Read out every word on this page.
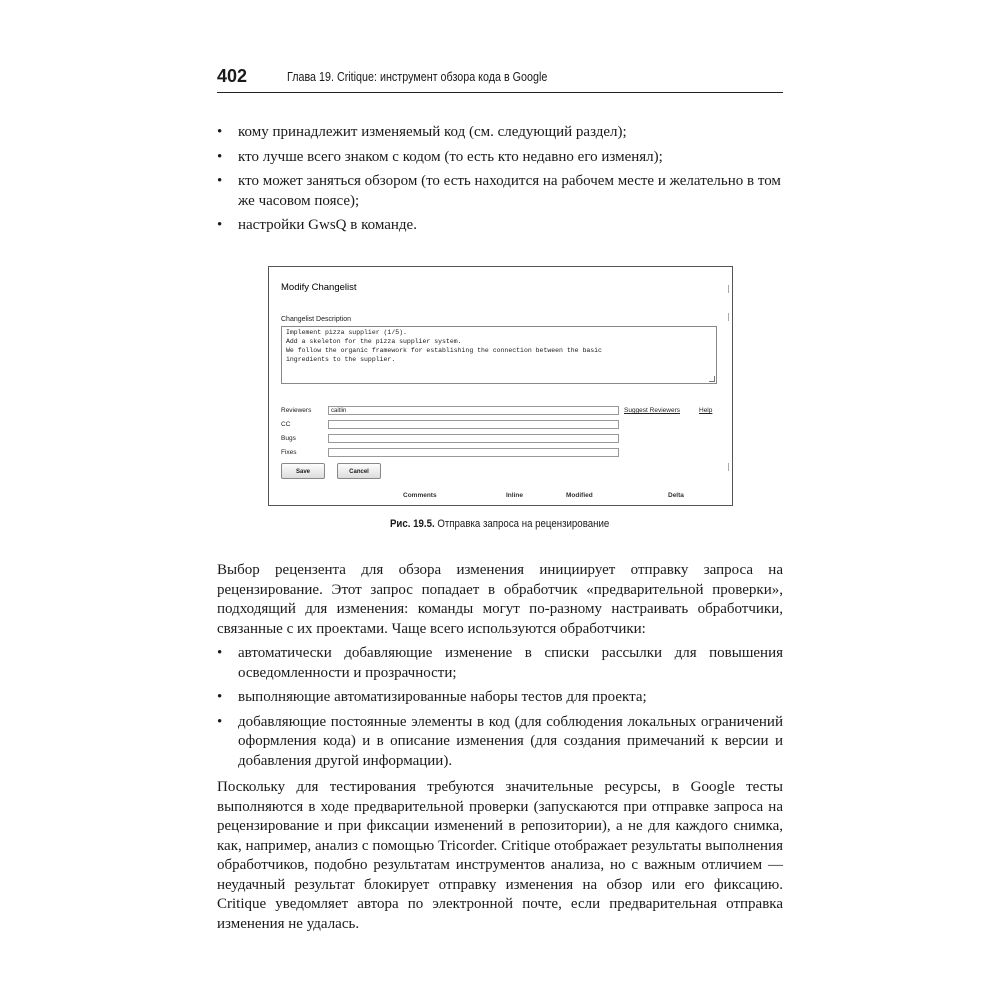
402	Глава 19. Critique: инструмент обзора кода в Google
• кому принадлежит изменяемый код (см. следующий раздел);
• кто лучше всего знаком с кодом (то есть кто недавно его изменял);
• кто может заняться обзором (то есть находится на рабочем месте и желательно в том же часовом поясе);
• настройки GwsQ в команде.
Modify Changelist
Changelist Description
Implement pizza supplier (1/5).
Add a skeleton for the pizza supplier system.
We follow the organic framework for establishing the connection between the basic
ingredients to the supplier.
Reviewers	caitlin	Suggest Reviewers	Help
CC
Bugs
Fixes
Save	Cancel
Comments	Inline	Modified	Delta
Рис. 19.5. Отправка запроса на рецензирование

Выбор рецензента для обзора изменения инициирует отправку запроса на рецензирование. Этот запрос попадает в обработчик «предварительной проверки», подходящий для изменения: команды могут по-разному настраивать обработчики, связанные с их проектами. Чаще всего используются обработчики:

• автоматически добавляющие изменение в списки рассылки для повышения осведомленности и прозрачности;
• выполняющие автоматизированные наборы тестов для проекта;
• добавляющие постоянные элементы в код (для соблюдения локальных ограничений оформления кода) и в описание изменения (для создания примечаний к версии и добавления другой информации).

Поскольку для тестирования требуются значительные ресурсы, в Google тесты выполняются в ходе предварительной проверки (запускаются при отправке запроса на рецензирование и при фиксации изменений в репозитории), а не для каждого снимка, как, например, анализ с помощью Tricorder. Critique отображает результаты выполнения обработчиков, подобно результатам инструментов анализа, но с важным отличием — неудачный результат блокирует отправку изменения на обзор или его фиксацию. Critique уведомляет автора по электронной почте, если предварительная отправка изменения не удалась.
